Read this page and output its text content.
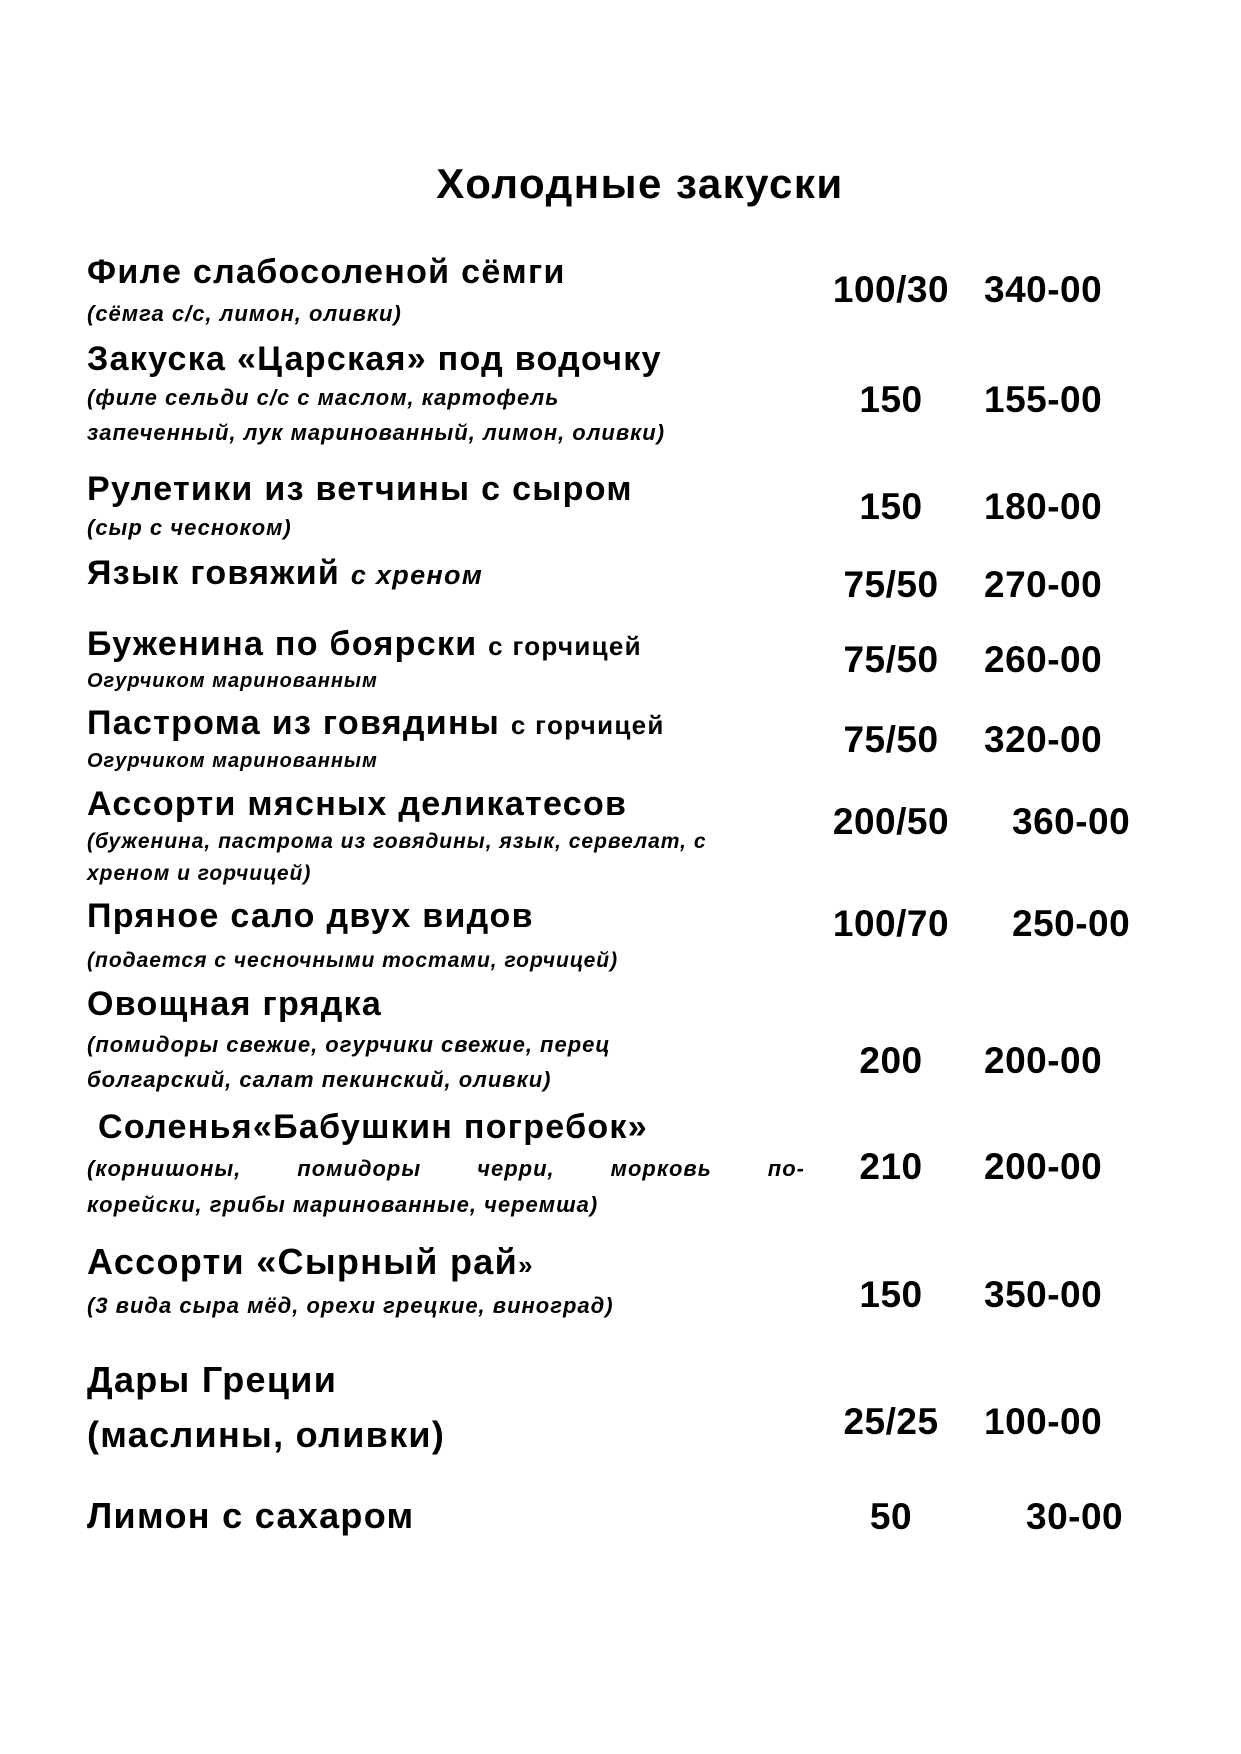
Холодные закуски
Филе слабосоленой сёмги
(сёмга с/с, лимон, оливки)
100/30 340-00
Закуска «Царская» под водочку
(филе сельди с/с с маслом, картофель
запеченный, лук маринованный, лимон, оливки)
150	155-00
Рулетики из ветчины с сыром
(сыр с чесноком)
150	180-00
Язык говяжий с хреном	75/50	270-00
Буженина по боярски с горчицей
Огурчиком маринованным
75/50	260-00
Пастрома из говядины с горчицей
Огурчиком маринованным
75/50	320-00
Ассорти мясных деликатесов
(буженина, пастрома из говядины, язык, сервелат, с
хреном и горчицей)
200/50	360-00
Пряное сало двух видов
(подается с чесночными тостами, горчицей)
100/70	250-00
Овощная грядка
(помидоры свежие, огурчики свежие, перец
болгарский, салат пекинский, оливки)	200	200-00
Соленья«Бабушкин погребок»
(корнишоны, помидоры черри, морковь по-
корейски, грибы маринованные, черемша)
210	200-00
Ассорти «Сырный рай»
(3 вида сыра мёд, орехи грецкие, виноград)	150	350-00
Дары Греции
(маслины, оливки)	25/25	100-00
Лимон с сахаром	50	30-00
